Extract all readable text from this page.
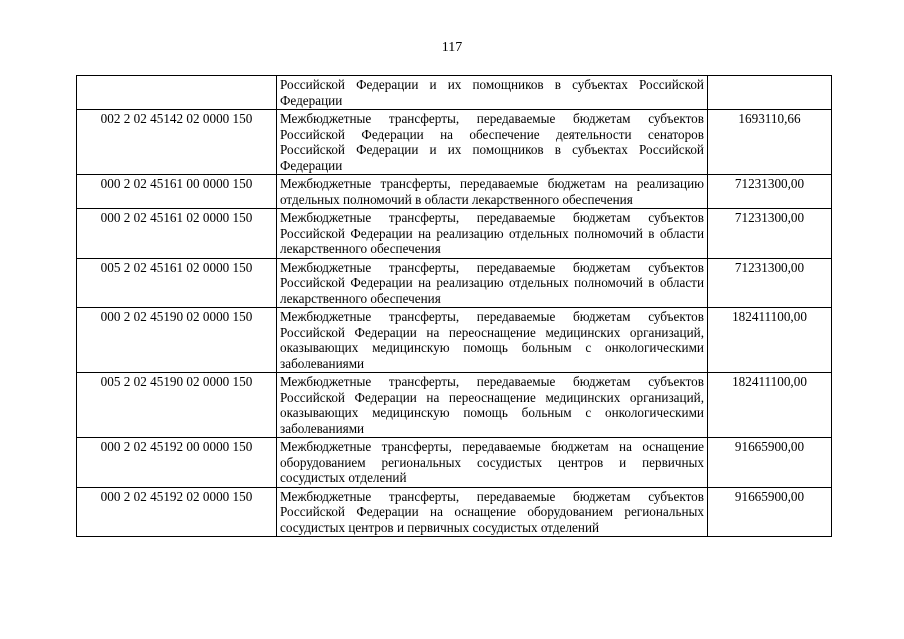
117
	Российской Федерации и их помощников в субъектах Российской Федерации	
002 2 02 45142 02 0000 150	Межбюджетные трансферты, передаваемые бюджетам субъектов Российской Федерации на обеспечение деятельности сенаторов Российской Федерации и их помощников в субъектах Российской Федерации	1693110,66
000 2 02 45161 00 0000 150	Межбюджетные трансферты, передаваемые бюджетам на реализацию отдельных полномочий в области лекарственного обеспечения	71231300,00
000 2 02 45161 02 0000 150	Межбюджетные трансферты, передаваемые бюджетам субъектов Российской Федерации на реализацию отдельных полномочий в области лекарственного обеспечения	71231300,00
005 2 02 45161 02 0000 150	Межбюджетные трансферты, передаваемые бюджетам субъектов Российской Федерации на реализацию отдельных полномочий в области лекарственного обеспечения	71231300,00
000 2 02 45190 02 0000 150	Межбюджетные трансферты, передаваемые бюджетам субъектов Российской Федерации на переоснащение медицинских организаций, оказывающих медицинскую помощь больным с онкологическими заболеваниями	182411100,00
005 2 02 45190 02 0000 150	Межбюджетные трансферты, передаваемые бюджетам субъектов Российской Федерации на переоснащение медицинских организаций, оказывающих медицинскую помощь больным с онкологическими заболеваниями	182411100,00
000 2 02 45192 00 0000 150	Межбюджетные трансферты, передаваемые бюджетам на оснащение оборудованием региональных сосудистых центров и первичных сосудистых отделений	91665900,00
000 2 02 45192 02 0000 150	Межбюджетные трансферты, передаваемые бюджетам субъектов Российской Федерации на оснащение оборудованием региональных сосудистых центров и первичных сосудистых отделений	91665900,00
